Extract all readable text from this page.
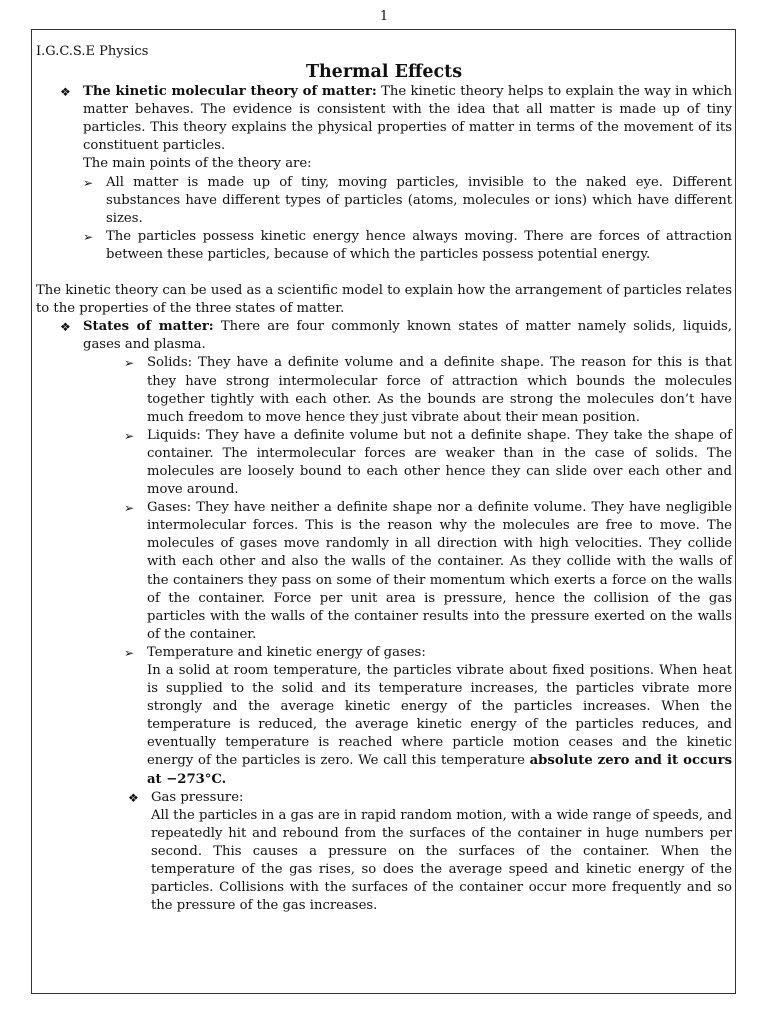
1

I.G.C.S.E Physics

Thermal Effects

❖ The kinetic molecular theory of matter: The kinetic theory helps to explain the way in which matter behaves. The evidence is consistent with the idea that all matter is made up of tiny particles. This theory explains the physical properties of matter in terms of the movement of its constituent particles.

The main points of the theory are:

➢ All matter is made up of tiny, moving particles, invisible to the naked eye. Different substances have different types of particles (atoms, molecules or ions) which have different sizes.
➢ The particles possess kinetic energy hence always moving. There are forces of attraction between these particles, because of which the particles possess potential energy.

The kinetic theory can be used as a scientific model to explain how the arrangement of particles relates to the properties of the three states of matter.

❖ States of matter: There are four commonly known states of matter namely solids, liquids, gases and plasma.
➢ Solids: They have a definite volume and a definite shape. The reason for this is that they have strong intermolecular force of attraction which bounds the molecules together tightly with each other. As the bounds are strong the molecules don’t have much freedom to move hence they just vibrate about their mean position.
➢ Liquids: They have a definite volume but not a definite shape. They take the shape of container. The intermolecular forces are weaker than in the case of solids. The molecules are loosely bound to each other hence they can slide over each other and move around.
➢ Gases: They have neither a definite shape nor a definite volume. They have negligible intermolecular forces. This is the reason why the molecules are free to move. The molecules of gases move randomly in all direction with high velocities. They collide with each other and also the walls of the container. As they collide with the walls of the containers they pass on some of their momentum which exerts a force on the walls of the container. Force per unit area is pressure, hence the collision of the gas particles with the walls of the container results into the pressure exerted on the walls of the container.
➢ Temperature and kinetic energy of gases:

In a solid at room temperature, the particles vibrate about fixed positions. When heat is supplied to the solid and its temperature increases, the particles vibrate more strongly and the average kinetic energy of the particles increases. When the temperature is reduced, the average kinetic energy of the particles reduces, and eventually temperature is reached where particle motion ceases and the kinetic energy of the particles is zero. We call this temperature absolute zero and it occurs at −273°C.

❖ Gas pressure:

All the particles in a gas are in rapid random motion, with a wide range of speeds, and repeatedly hit and rebound from the surfaces of the container in huge numbers per second. This causes a pressure on the surfaces of the container. When the temperature of the gas rises, so does the average speed and kinetic energy of the particles. Collisions with the surfaces of the container occur more frequently and so the pressure of the gas increases.
